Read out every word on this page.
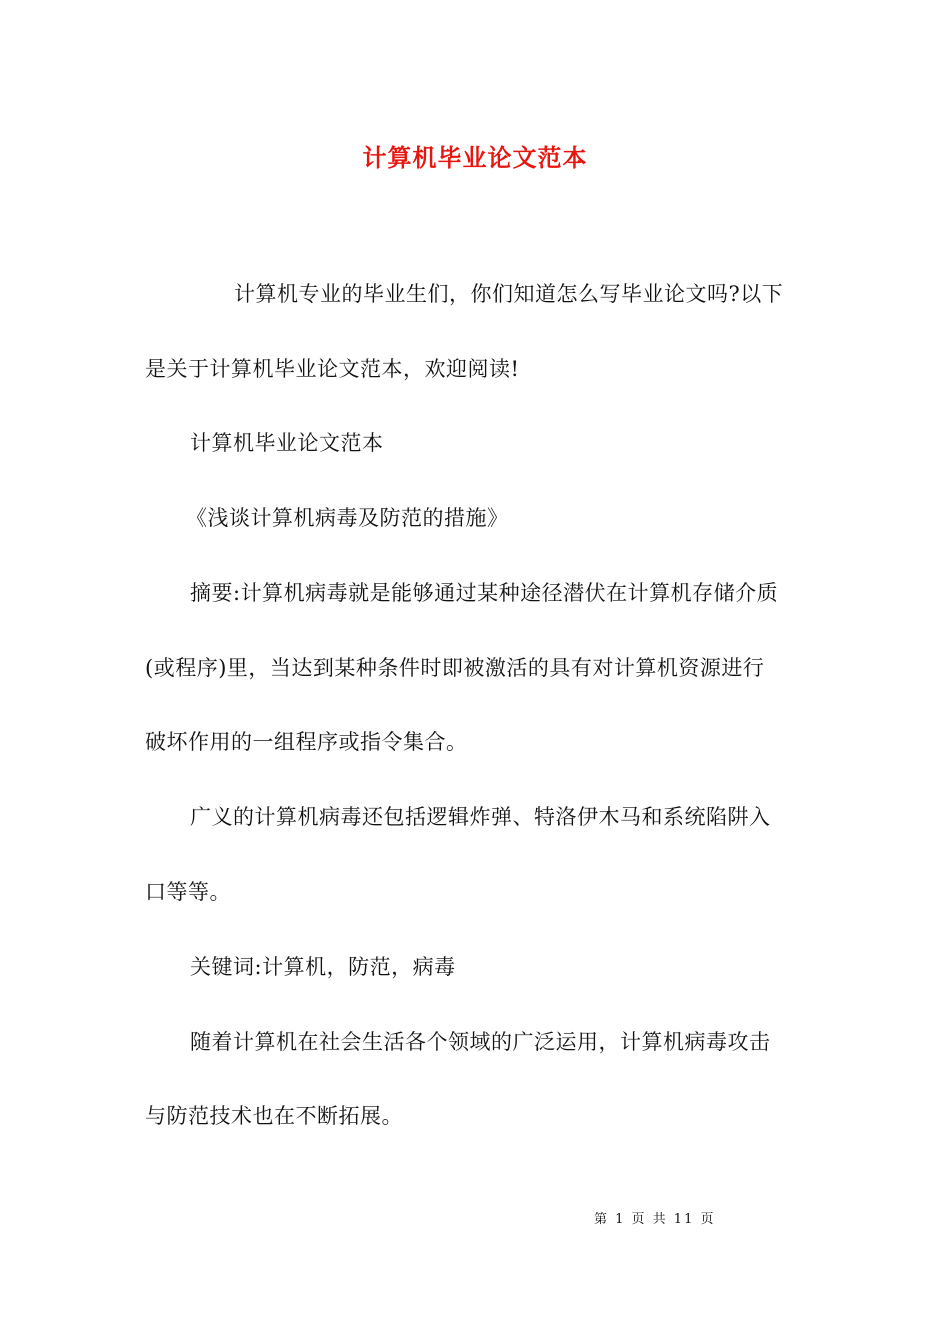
计算机毕业论文范本
计算机专业的毕业生们，你们知道怎么写毕业论文吗?以下
是关于计算机毕业论文范本，欢迎阅读!
计算机毕业论文范本
《浅谈计算机病毒及防范的措施》
摘要:计算机病毒就是能够通过某种途径潜伏在计算机存储介质
(或程序)里，当达到某种条件时即被激活的具有对计算机资源进行
破坏作用的一组程序或指令集合。
广义的计算机病毒还包括逻辑炸弹、特洛伊木马和系统陷阱入
口等等。
关键词:计算机，防范，病毒
随着计算机在社会生活各个领域的广泛运用，计算机病毒攻击
与防范技术也在不断拓展。
第 1 页 共 11 页
